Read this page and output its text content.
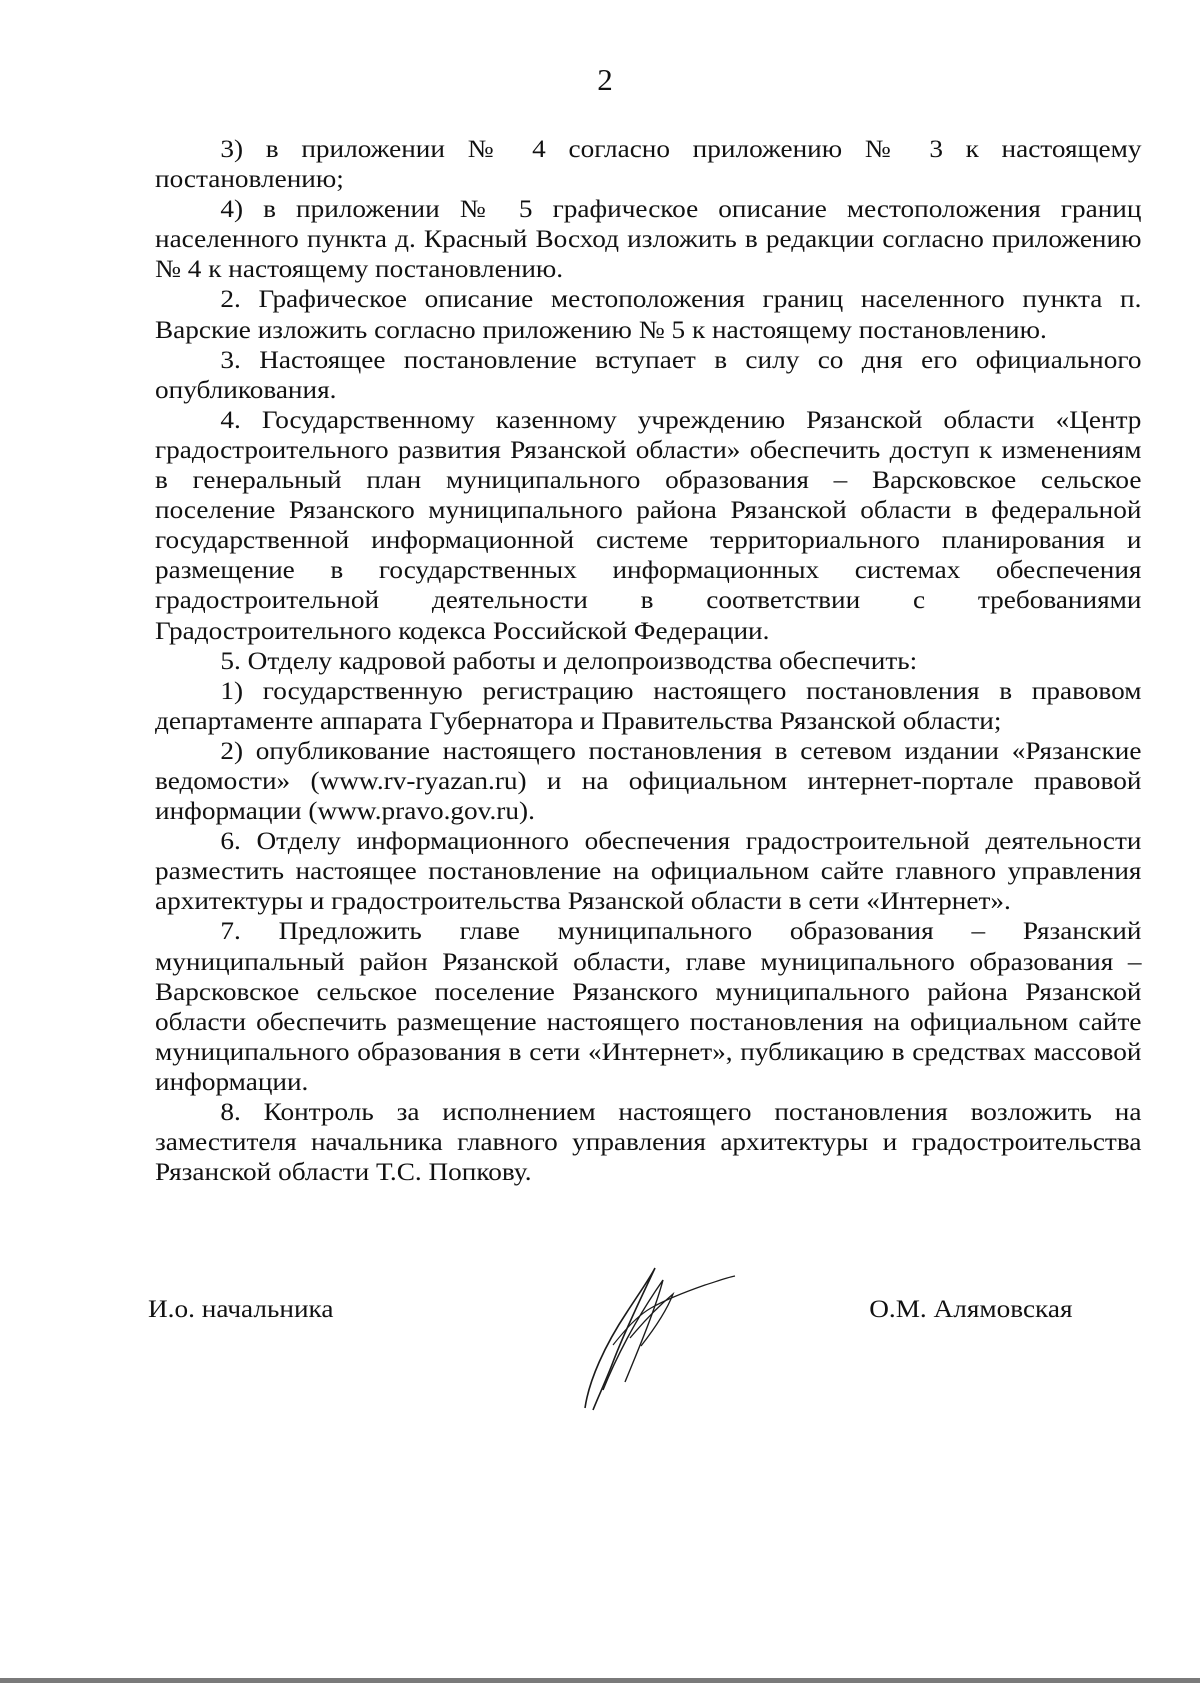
2

3) в приложении № 4 согласно приложению № 3 к настоящему постановлению;

4) в приложении № 5 графическое описание местоположения границ населенного пункта д. Красный Восход изложить в редакции согласно приложению № 4 к настоящему постановлению.

2. Графическое описание местоположения границ населенного пункта п. Варские изложить согласно приложению № 5 к настоящему постановлению.

3. Настоящее постановление вступает в силу со дня его официального опубликования.

4. Государственному казенному учреждению Рязанской области «Центр градостроительного развития Рязанской области» обеспечить доступ к изменениям в генеральный план муниципального образования – Варсковское сельское поселение Рязанского муниципального района Рязанской области в федеральной государственной информационной системе территориального планирования и размещение в государственных информационных системах обеспечения градостроительной деятельности в соответствии с требованиями Градостроительного кодекса Российской Федерации.

5. Отделу кадровой работы и делопроизводства обеспечить:

1) государственную регистрацию настоящего постановления в правовом департаменте аппарата Губернатора и Правительства Рязанской области;

2) опубликование настоящего постановления в сетевом издании «Рязанские ведомости» (www.rv-ryazan.ru) и на официальном интернет-портале правовой информации (www.pravo.gov.ru).

6. Отделу информационного обеспечения градостроительной деятельности разместить настоящее постановление на официальном сайте главного управления архитектуры и градостроительства Рязанской области в сети «Интернет».

7. Предложить главе муниципального образования – Рязанский муниципальный район Рязанской области, главе муниципального образования – Варсковское сельское поселение Рязанского муниципального района Рязанской области обеспечить размещение настоящего постановления на официальном сайте муниципального образования в сети «Интернет», публикацию в средствах массовой информации.

8. Контроль за исполнением настоящего постановления возложить на заместителя начальника главного управления архитектуры и градостроительства Рязанской области Т.С. Попкову.

И.о. начальника	О.М. Алямовская
